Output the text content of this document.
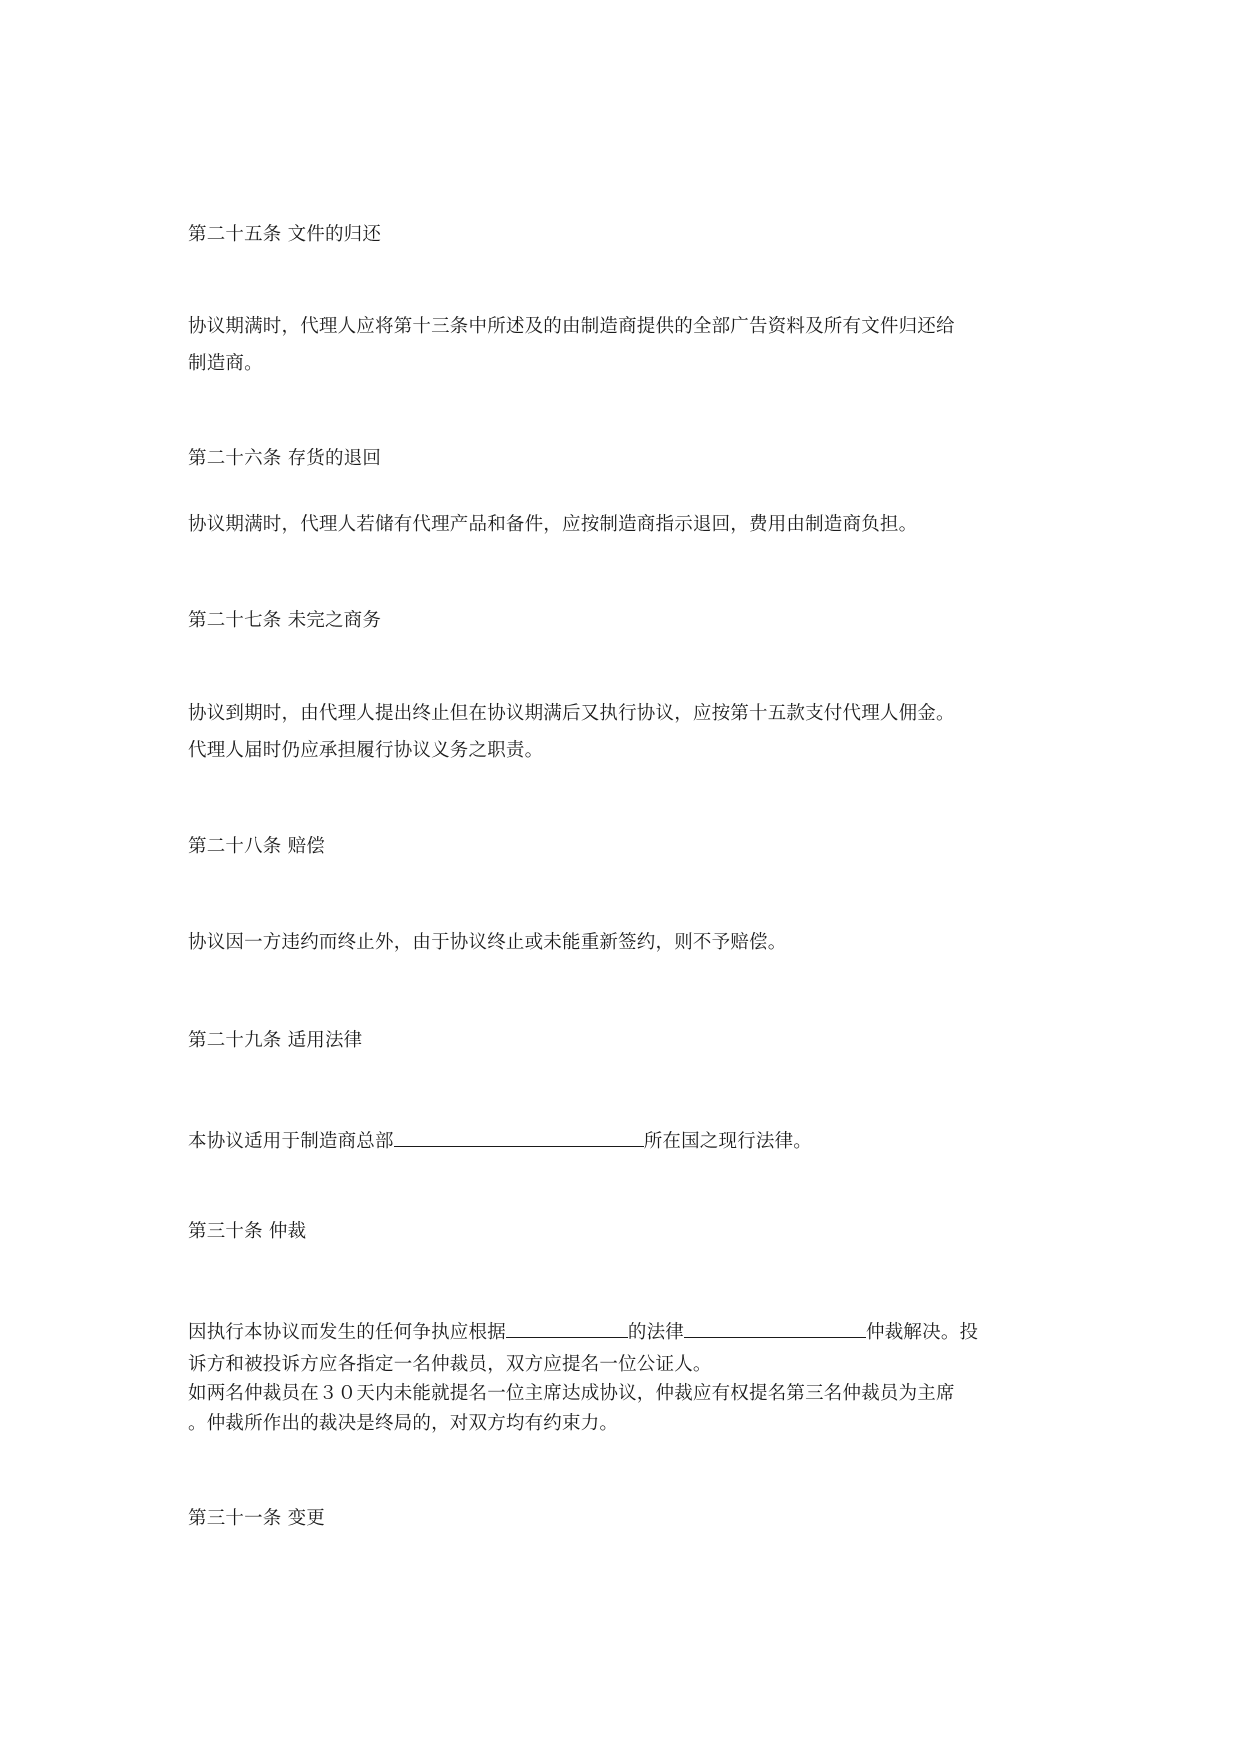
第二十五条 文件的归还

协议期满时，代理人应将第十三条中所述及的由制造商提供的全部广告资料及所有文件归还给

制造商。

第二十六条 存货的退回

协议期满时，代理人若储有代理产品和备件，应按制造商指示退回，费用由制造商负担。

第二十七条 未完之商务

协议到期时，由代理人提出终止但在协议期满后又执行协议，应按第十五款支付代理人佣金。

代理人届时仍应承担履行协议义务之职责。

第二十八条 赔偿

协议因一方违约而终止外，由于协议终止或未能重新签约，则不予赔偿。

第二十九条 适用法律

本协议适用于制造商总部	所在国之现行法律。

第三十条 仲裁

因执行本协议而发生的任何争执应根据	的法律	仲裁解决。投

诉方和被投诉方应各指定一名仲裁员，双方应提名一位公证人。

如两名仲裁员在３０天内未能就提名一位主席达成协议，仲裁应有权提名第三名仲裁员为主席

。仲裁所作出的裁决是终局的，对双方均有约束力。

第三十一条 变更
